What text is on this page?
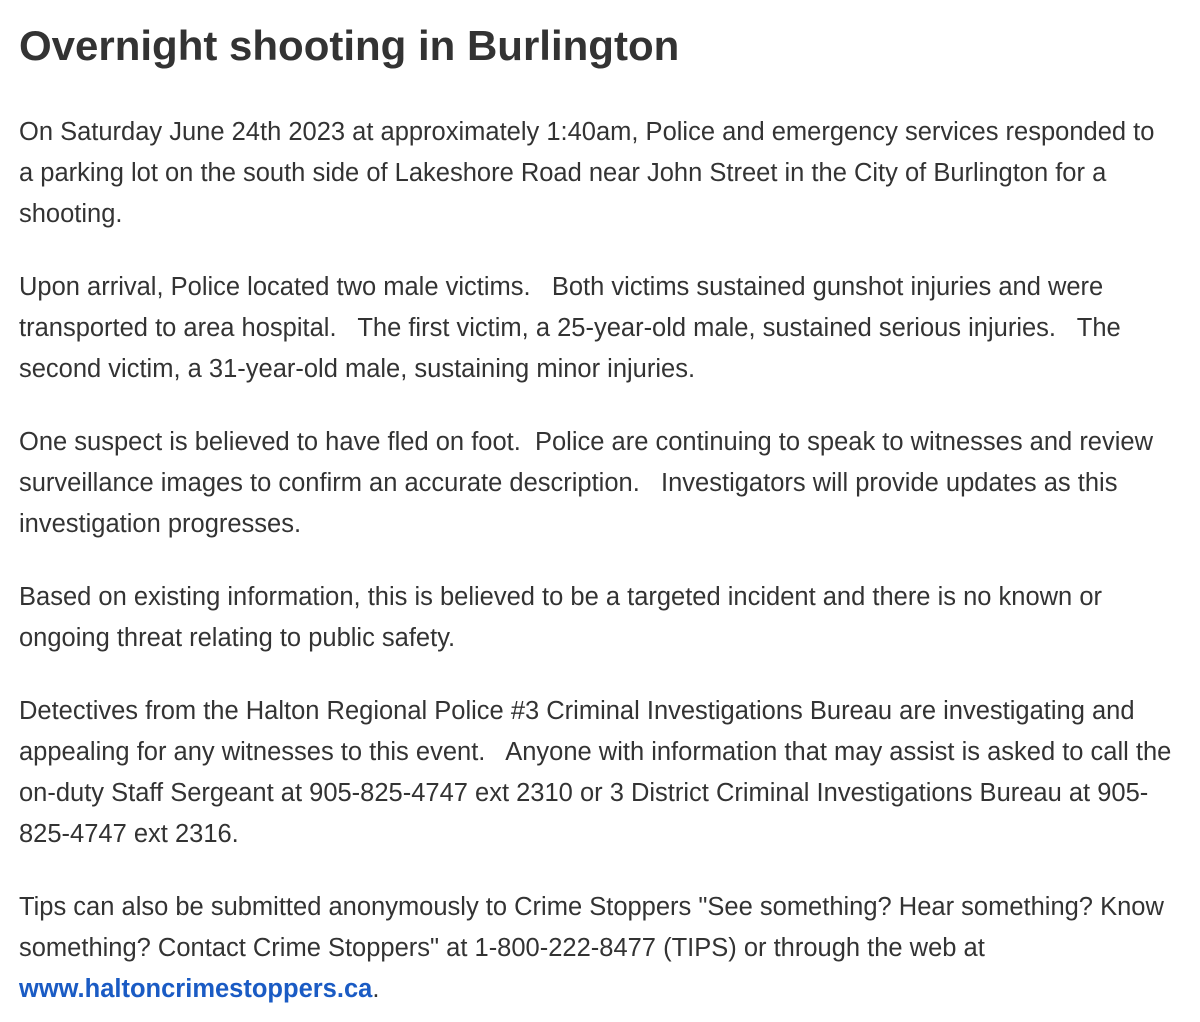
Overnight shooting in Burlington

On Saturday June 24th 2023 at approximately 1:40am, Police and emergency services responded to a parking lot on the south side of Lakeshore Road near John Street in the City of Burlington for a shooting.

Upon arrival, Police located two male victims.   Both victims sustained gunshot injuries and were transported to area hospital.   The first victim, a 25-year-old male, sustained serious injuries.   The second victim, a 31-year-old male, sustaining minor injuries.

One suspect is believed to have fled on foot.  Police are continuing to speak to witnesses and review surveillance images to confirm an accurate description.   Investigators will provide updates as this investigation progresses.

Based on existing information, this is believed to be a targeted incident and there is no known or ongoing threat relating to public safety.

Detectives from the Halton Regional Police #3 Criminal Investigations Bureau are investigating and appealing for any witnesses to this event.   Anyone with information that may assist is asked to call the on-duty Staff Sergeant at 905-825-4747 ext 2310 or 3 District Criminal Investigations Bureau at 905-825-4747 ext 2316.

Tips can also be submitted anonymously to Crime Stoppers "See something? Hear something? Know something? Contact Crime Stoppers" at 1-800-222-8477 (TIPS) or through the web at www.haltoncrimestoppers.ca.
